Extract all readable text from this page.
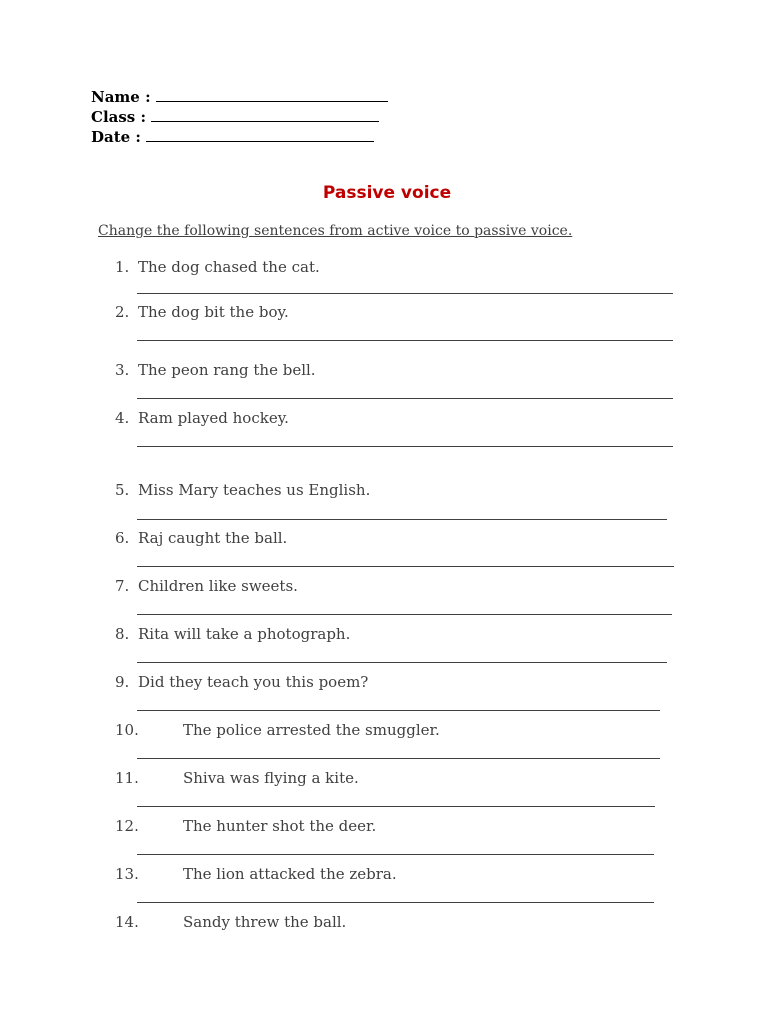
Name :
Class :
Date :
Passive voice
Change the following sentences from active voice to passive voice.
1. The dog chased the cat.
2. The dog bit the boy.
3. The peon rang the bell.
4. Ram played hockey.
5. Miss Mary teaches us English.
6. Raj caught the ball.
7. Children like sweets.
8. Rita will take a photograph.
9. Did they teach you this poem?
10.	The police arrested the smuggler.
11.	Shiva was flying a kite.
12.	The hunter shot the deer.
13.	The lion attacked the zebra.
14.	Sandy threw the ball.
